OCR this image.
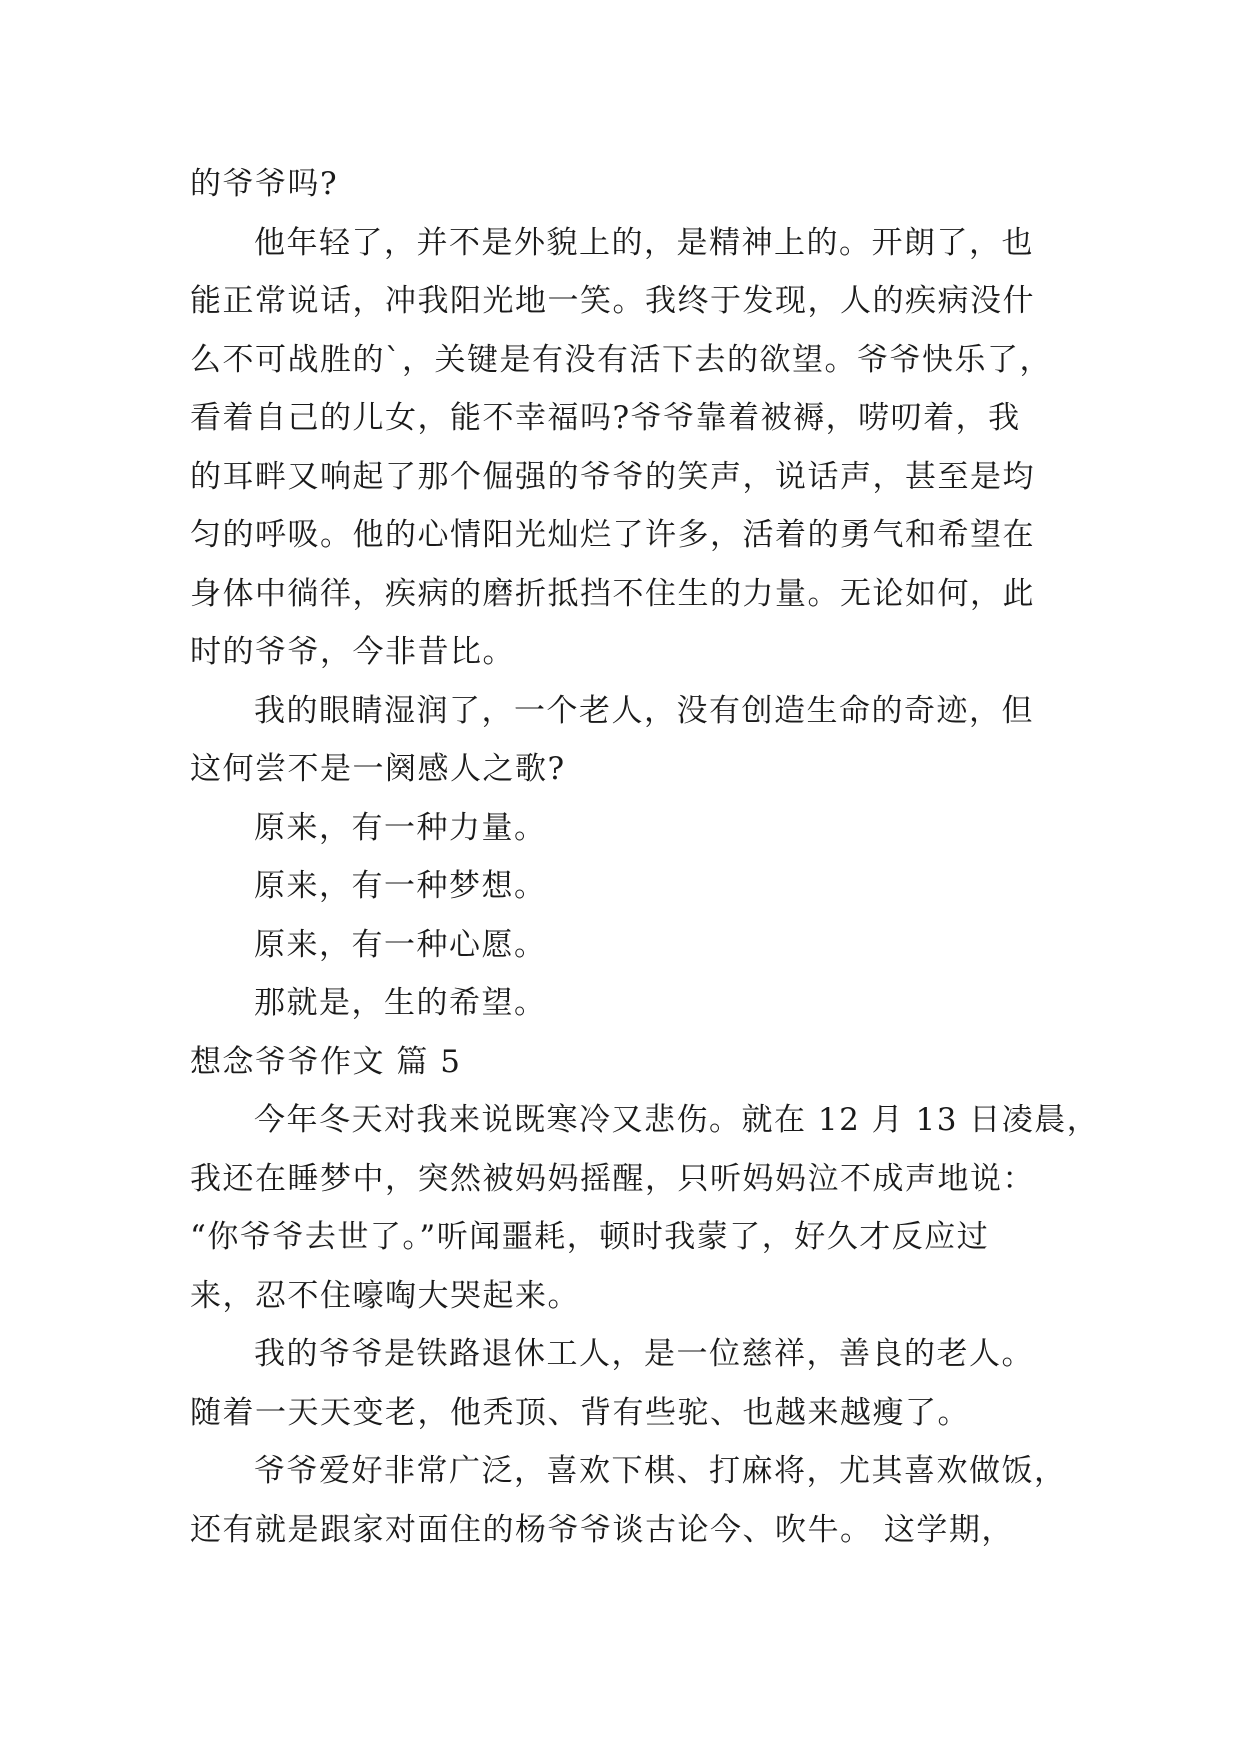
的爷爷吗?
他年轻了，并不是外貌上的，是精神上的。开朗了，也
能正常说话，冲我阳光地一笑。我终于发现，人的疾病没什
么不可战胜的`，关键是有没有活下去的欲望。爷爷快乐了，
看着自己的儿女，能不幸福吗?爷爷靠着被褥，唠叨着，我
的耳畔又响起了那个倔强的爷爷的笑声，说话声，甚至是均
匀的呼吸。他的心情阳光灿烂了许多，活着的勇气和希望在
身体中徜徉，疾病的磨折抵挡不住生的力量。无论如何，此
时的爷爷，今非昔比。
我的眼睛湿润了，一个老人，没有创造生命的奇迹，但
这何尝不是一阕感人之歌?
原来，有一种力量。
原来，有一种梦想。
原来，有一种心愿。
那就是，生的希望。
想念爷爷作文 篇 5
今年冬天对我来说既寒冷又悲伤。就在 12 月 13 日凌晨，
我还在睡梦中，突然被妈妈摇醒，只听妈妈泣不成声地说：
“你爷爷去世了。”听闻噩耗，顿时我蒙了，好久才反应过
来，忍不住嚎啕大哭起来。
我的爷爷是铁路退休工人，是一位慈祥，善良的老人。
随着一天天变老，他秃顶、背有些驼、也越来越瘦了。
爷爷爱好非常广泛，喜欢下棋、打麻将，尤其喜欢做饭，
还有就是跟家对面住的杨爷爷谈古论今、吹牛。 这学期，
